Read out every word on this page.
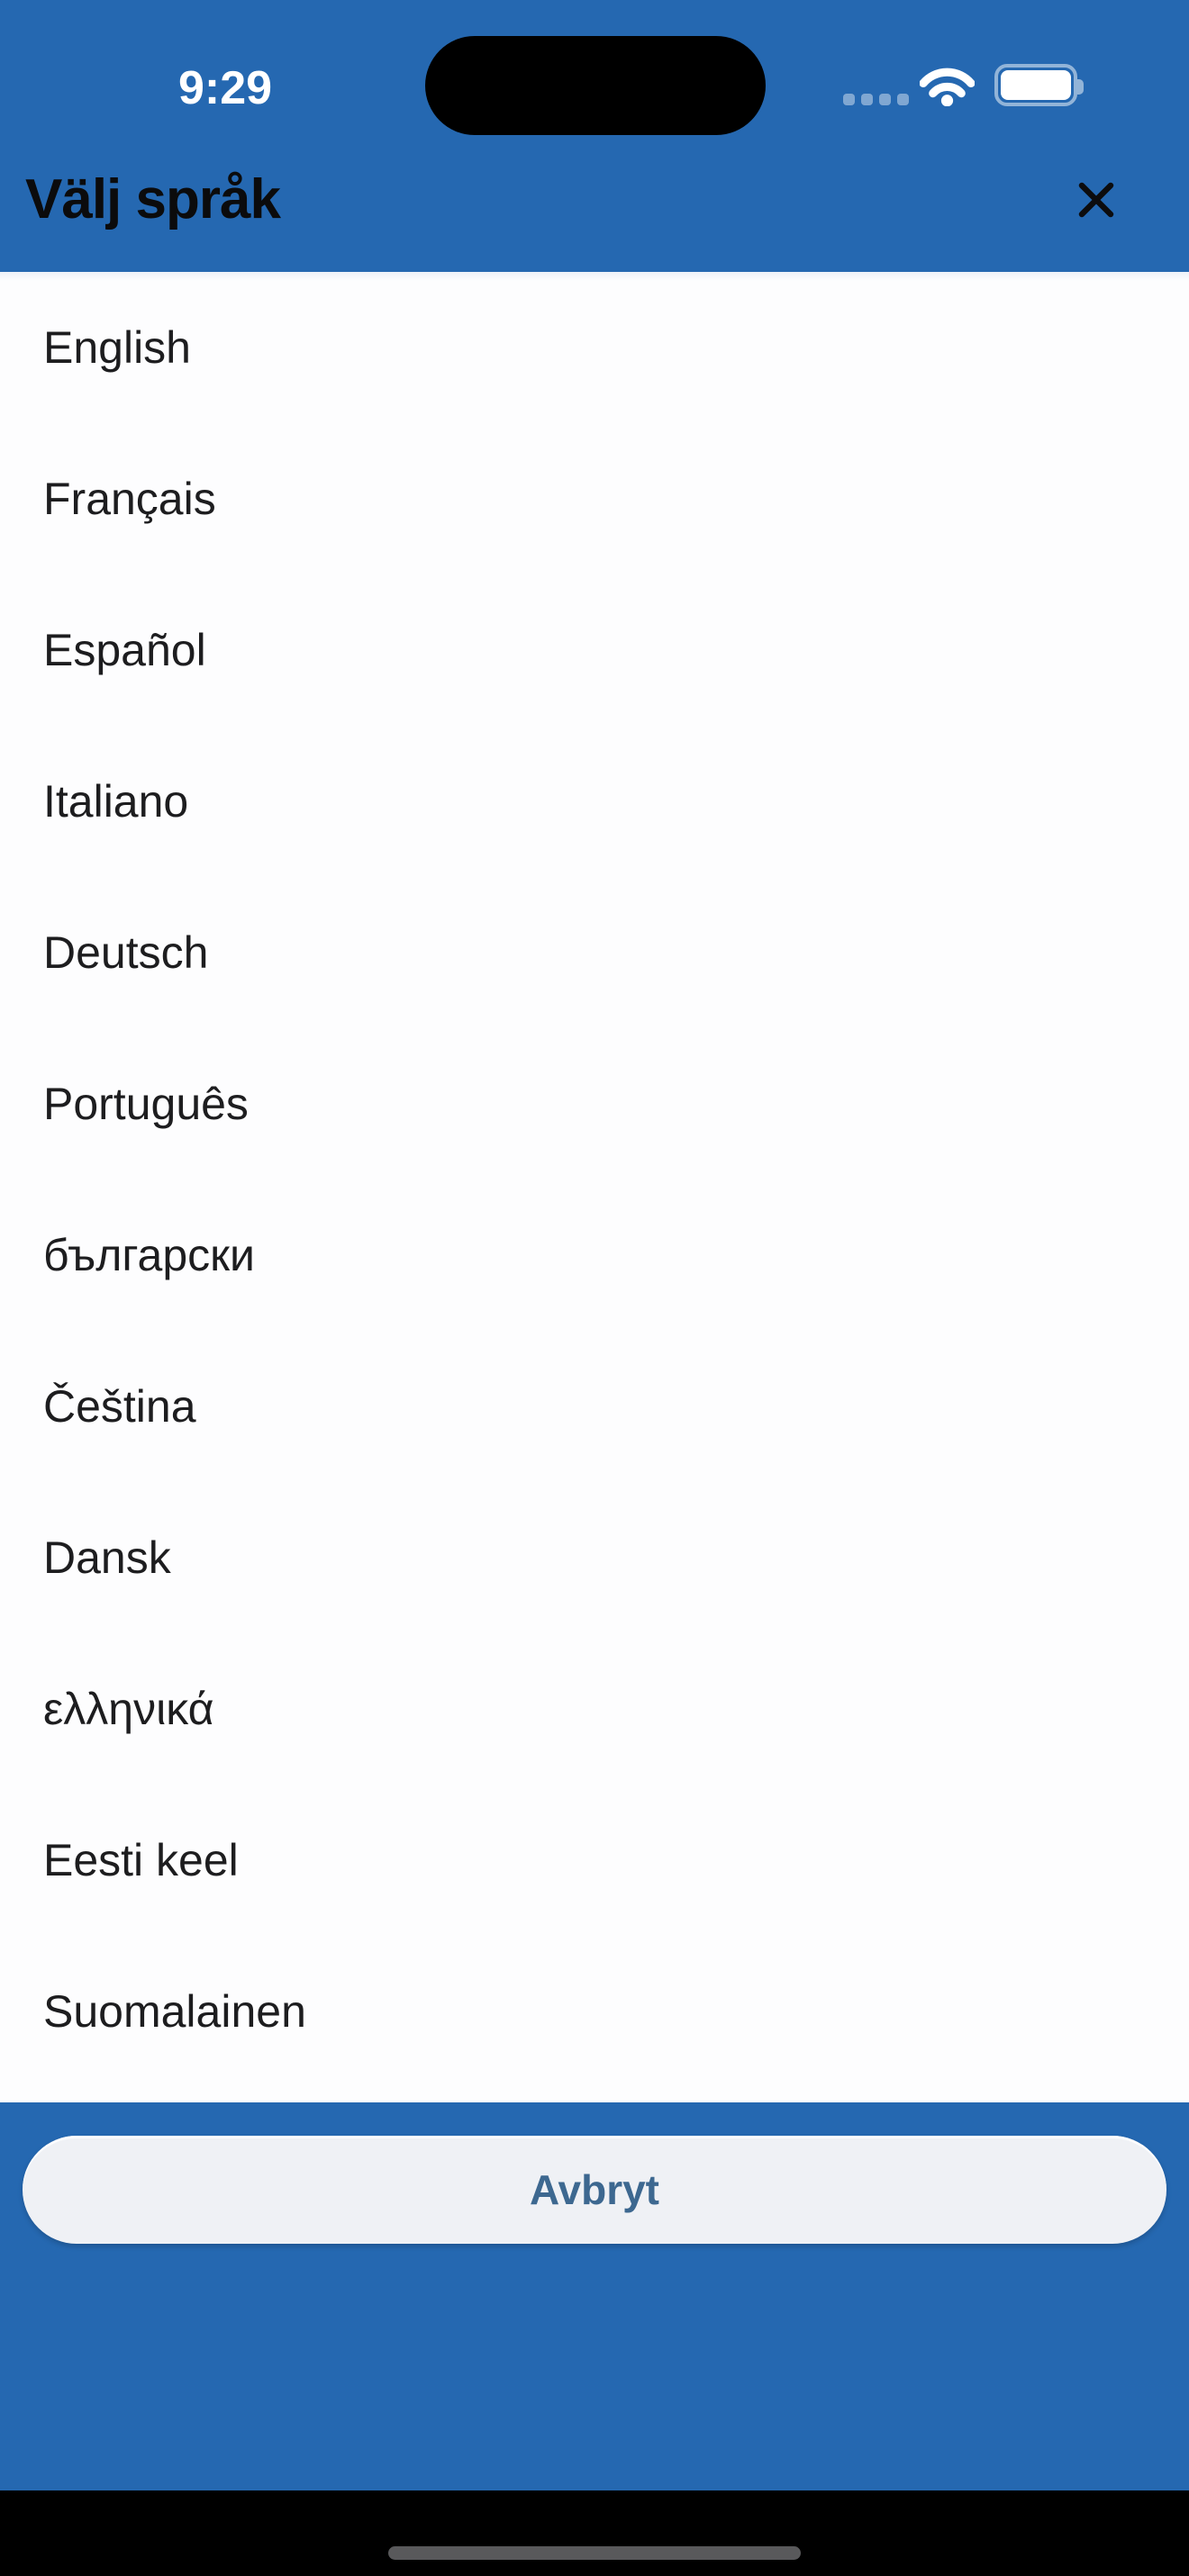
9:29
Välj språk
English
Français
Español
Italiano
Deutsch
Português
български
Čeština
Dansk
ελληνικά
Eesti keel
Suomalainen
Avbryt
